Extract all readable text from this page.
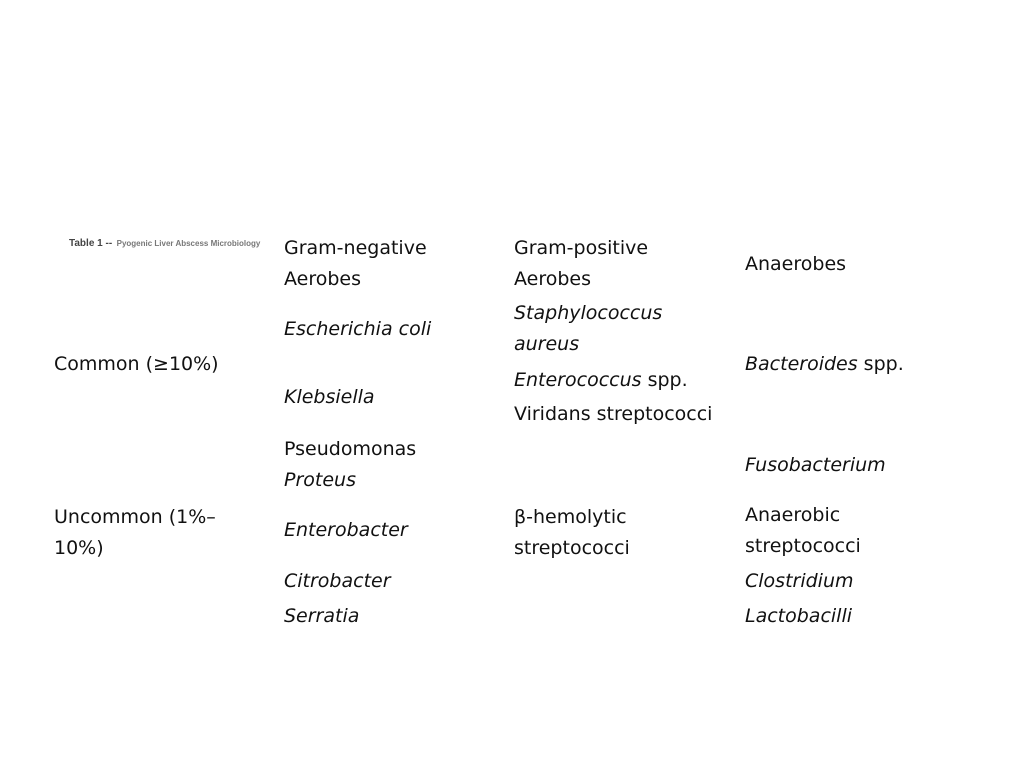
Table 1 -- Pyogenic Liver Abscess Microbiology Gram-negative
Aerobes
Gram-positive
Aerobes
Anaerobes
Common (≥10%)
Escherichia coli
Klebsiella
Staphylococcus
aureus
Enterococcus spp.
Viridans streptococci
Bacteroides spp.
Uncommon (1%–
10%)
Pseudomonas
Proteus
Enterobacter
Citrobacter
Serratia
β-hemolytic
streptococci
Fusobacterium
Anaerobic
streptococci
Clostridium
Lactobacilli
